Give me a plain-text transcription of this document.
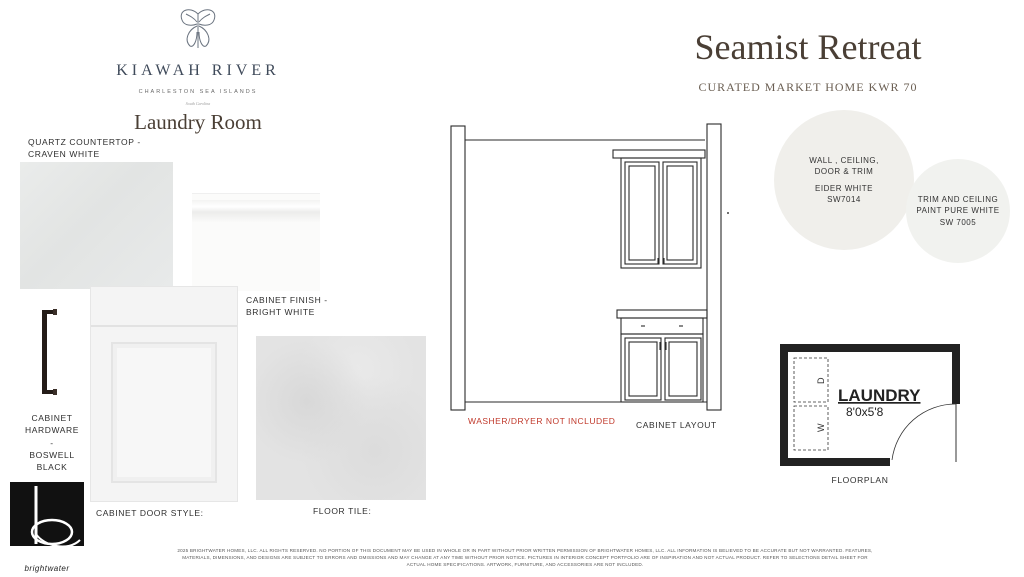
KIAWAH RIVER
CHARLESTON SEA ISLANDS
South Carolina
Laundry Room
Seamist Retreat
CURATED MARKET HOME KWR 70
QUARTZ COUNTERTOP -
CRAVEN WHITE
CABINET FINISH -
BRIGHT WHITE
CABINET
HARDWARE -
BOSWELL
BLACK
CABINET DOOR STYLE:	FLOOR TILE:
WASHER/DRYER NOT INCLUDED	CABINET LAYOUT
WALL , CEILING,
DOOR & TRIM
EIDER WHITE
SW7014	TRIM AND CEILING
PAINT PURE WHITE
SW 7005
D
W
LAUNDRY
8'0x5'8
FLOORPLAN
brightwater
2025 BRIGHTWATER HOMES, LLC. ALL RIGHTS RESERVED. NO PORTION OF THIS DOCUMENT MAY BE USED IN WHOLE OR IN PART WITHOUT PRIOR WRITTEN PERMISSION OF BRIGHTWATER HOMES, LLC. ALL INFORMATION IS BELIEVED TO BE ACCURATE BUT NOT WARRANTED. FEATURES,
MATERIALS, DIMENSIONS, AND DESIGNS ARE SUBJECT TO ERRORS AND OMISSIONS AND MAY CHANGE AT ANY TIME WITHOUT PRIOR NOTICE. PICTURES IN INTERIOR CONCEPT PORTFOLIO ARE OF INSPIRATION AND NOT ACTUAL PRODUCT. REFER TO SELECTIONS DETAIL SHEET FOR
ACTUAL HOME SPECIFICATIONS. ARTWORK, FURNITURE, AND ACCESSORIES ARE NOT INCLUDED.
